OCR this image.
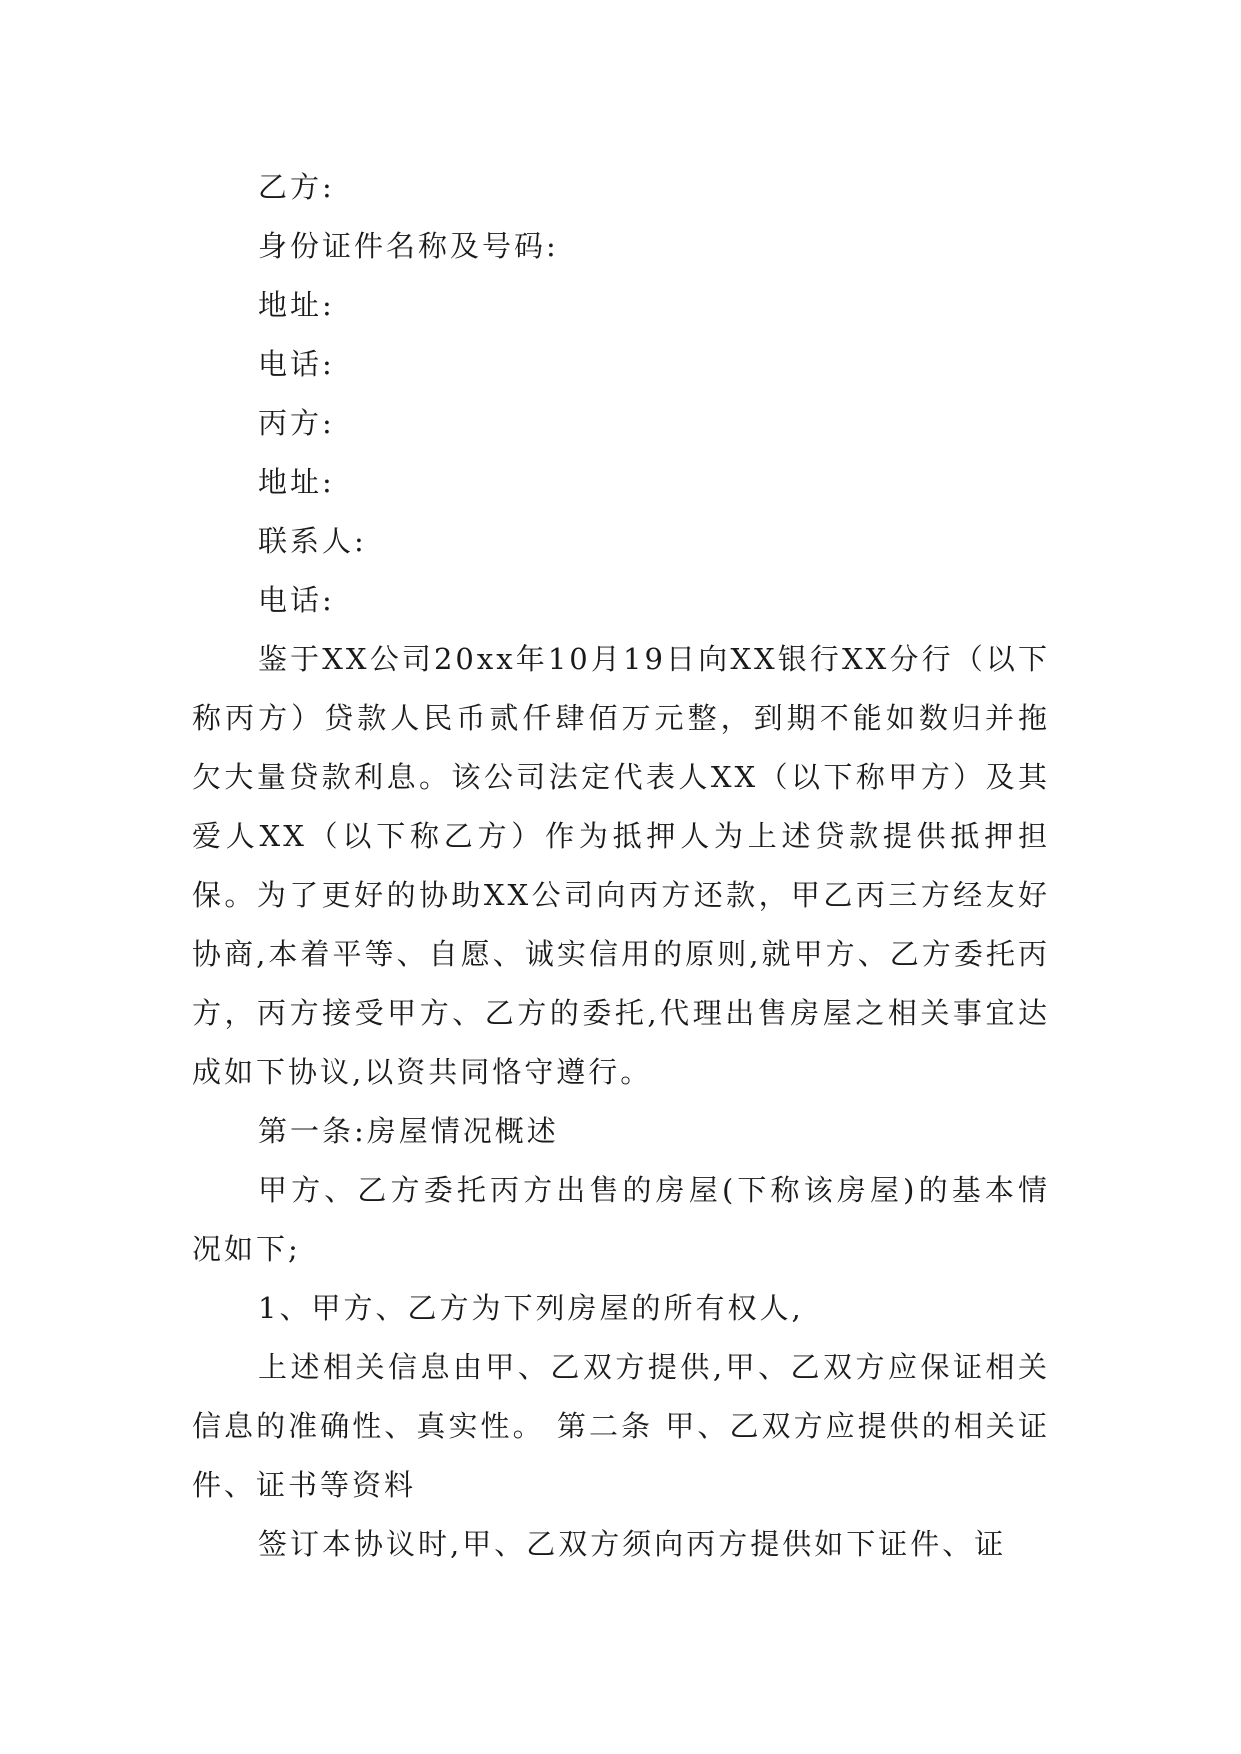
乙方:

身份证件名称及号码:

地址:

电话:

丙方:

地址:

联系人:

电话:

鉴于XX公司20xx年10月19日向XX银行XX分行（以下称丙方）贷款人民币贰仟肆佰万元整，到期不能如数归并拖欠大量贷款利息。该公司法定代表人XX（以下称甲方）及其爱人XX（以下称乙方）作为抵押人为上述贷款提供抵押担保。为了更好的协助XX公司向丙方还款，甲乙丙三方经友好协商,本着平等、自愿、诚实信用的原则,就甲方、乙方委托丙方，丙方接受甲方、乙方的委托,代理出售房屋之相关事宜达成如下协议,以资共同恪守遵行。

第一条:房屋情况概述

甲方、乙方委托丙方出售的房屋(下称该房屋)的基本情况如下;

1、甲方、乙方为下列房屋的所有权人,

上述相关信息由甲、乙双方提供,甲、乙双方应保证相关信息的准确性、真实性。 第二条 甲、乙双方应提供的相关证件、证书等资料

签订本协议时,甲、乙双方须向丙方提供如下证件、证
